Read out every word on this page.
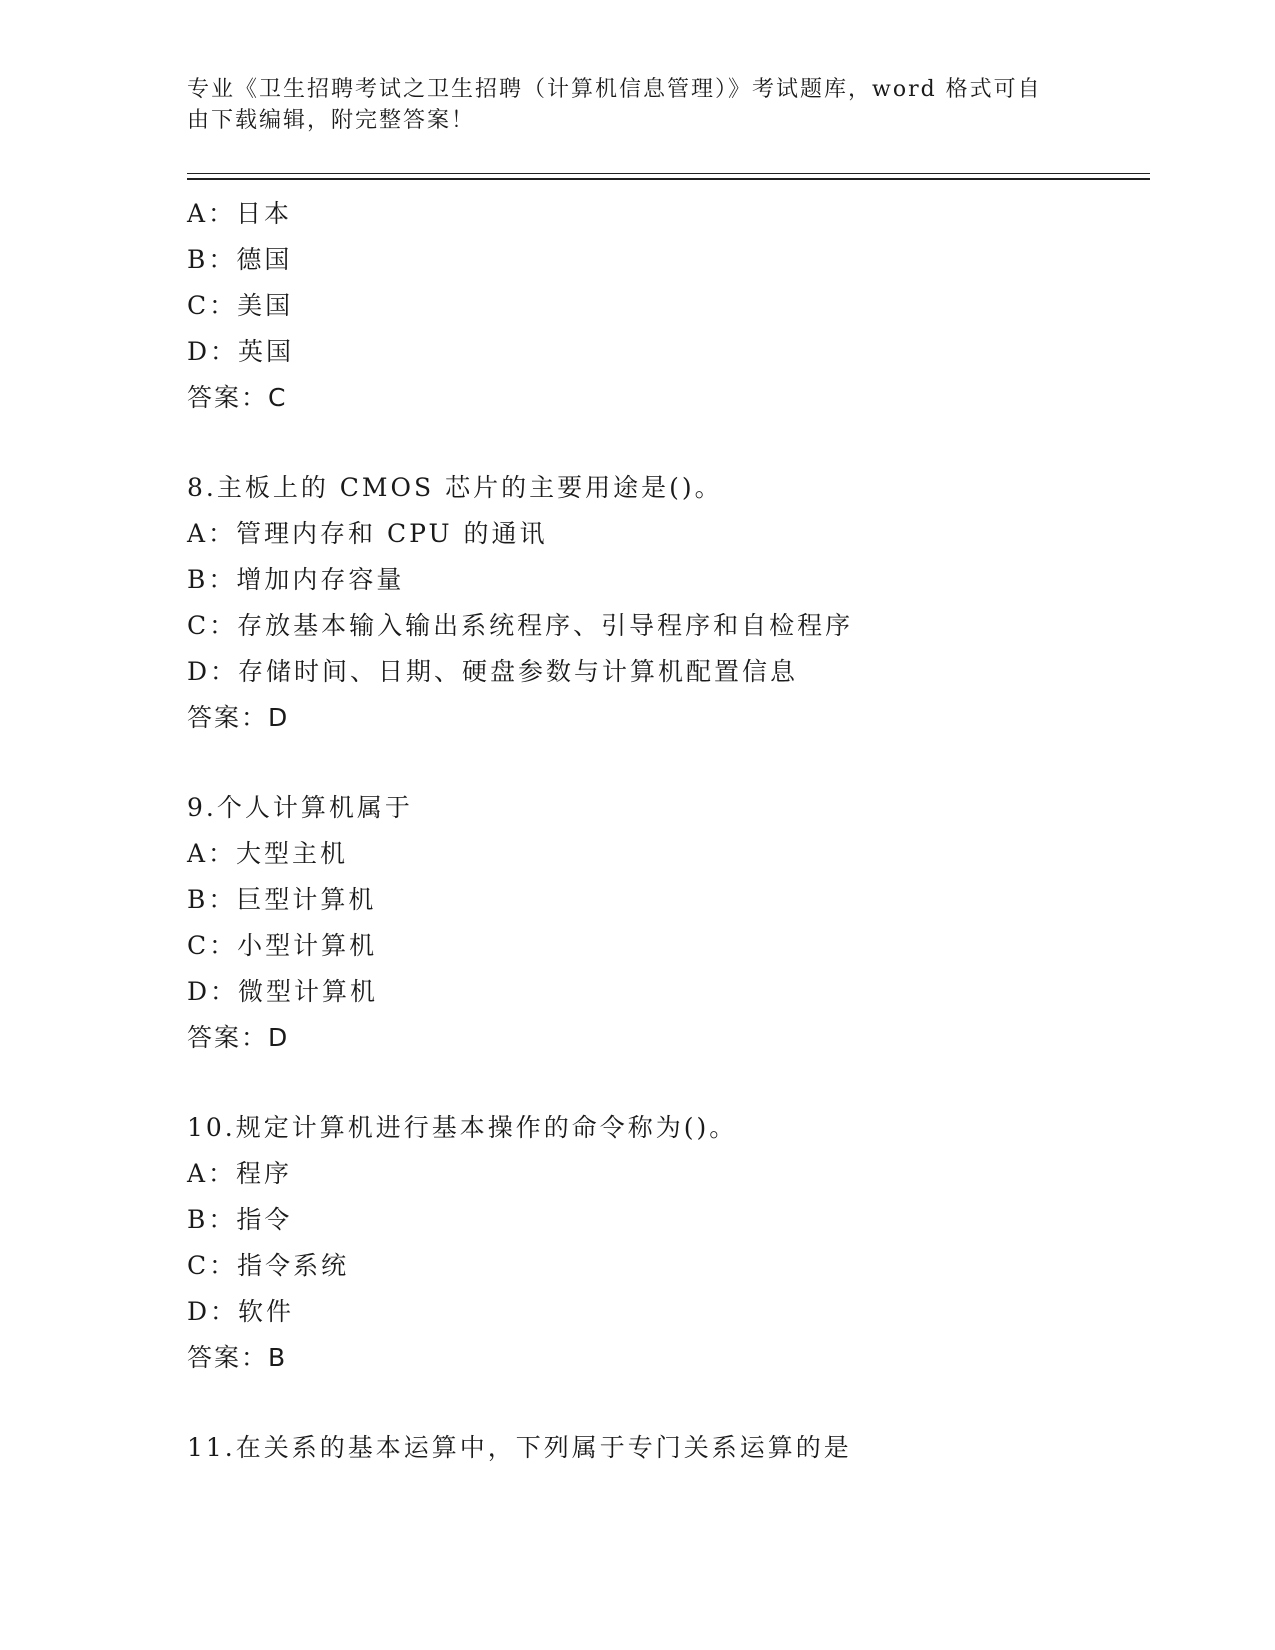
专业《卫生招聘考试之卫生招聘（计算机信息管理）》考试题库，word 格式可自
由下载编辑，附完整答案！
A：日本
B：德国
C：美国
D：英国
答案：C
8.主板上的 CMOS 芯片的主要用途是()。
A：管理内存和 CPU 的通讯
B：增加内存容量
C：存放基本输入输出系统程序、引导程序和自检程序
D：存储时间、日期、硬盘参数与计算机配置信息
答案：D
9.个人计算机属于
A：大型主机
B：巨型计算机
C：小型计算机
D：微型计算机
答案：D
10.规定计算机进行基本操作的命令称为()。
A：程序
B：指令
C：指令系统
D：软件
答案：B
11.在关系的基本运算中，下列属于专门关系运算的是
